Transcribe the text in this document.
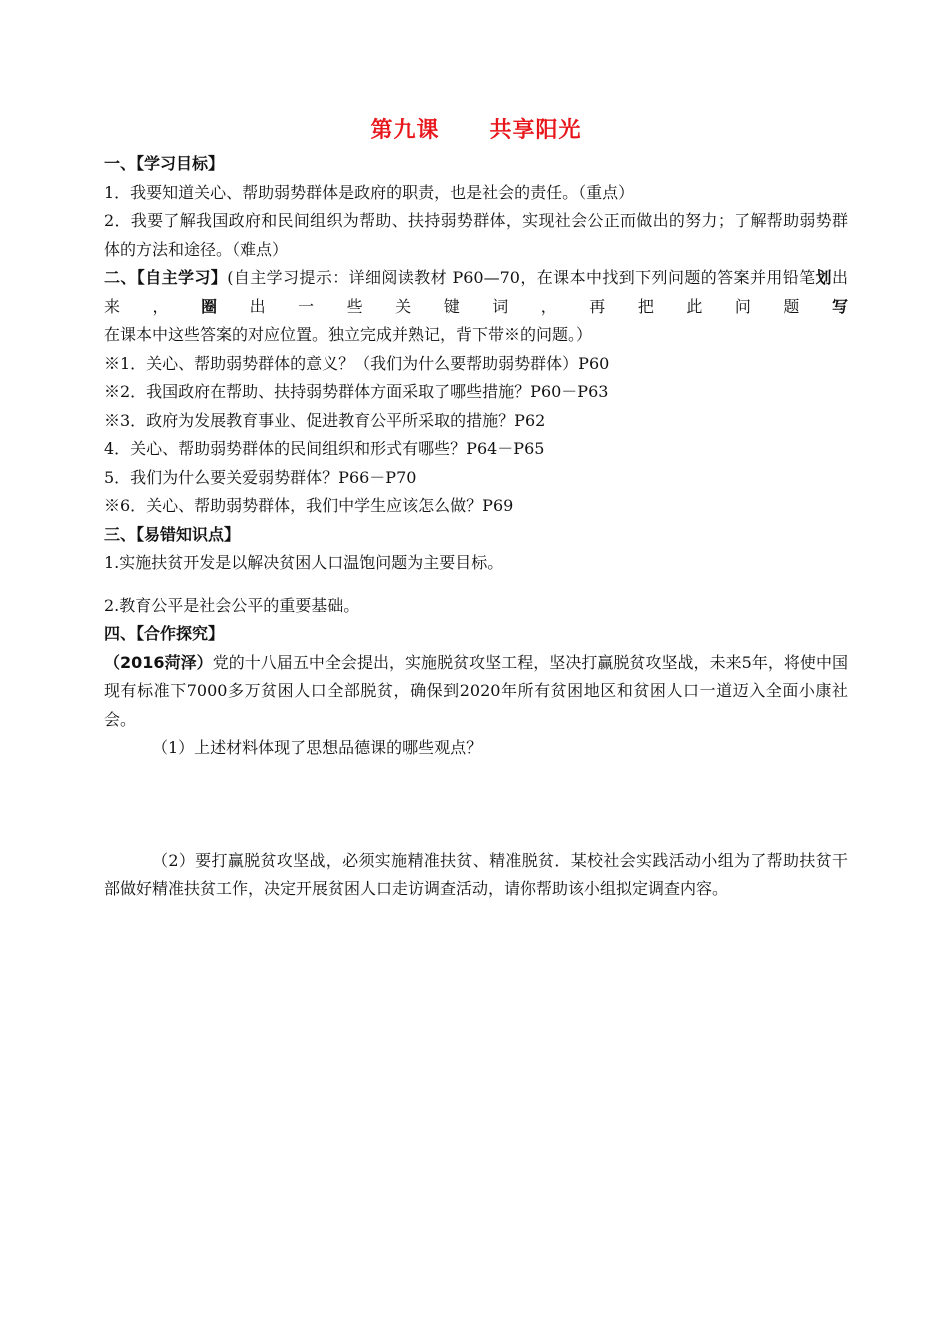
第九课 共享阳光
一、【学习目标】
1．我要知道关心、帮助弱势群体是政府的职责，也是社会的责任。（重点）
2．我要了解我国政府和民间组织为帮助、扶持弱势群体，实现社会公正而做出的努力；了解帮助弱势群体的方法和途径。（难点）
二、【自主学习】(自主学习提示：详细阅读教材 P60—70，在课本中找到下列问题的答案并用铅笔划出来，圈出一些关键词，再把此问题写在课本中这些答案的对应位置。独立完成并熟记，背下带※的问题。）
※1．关心、帮助弱势群体的意义？（我们为什么要帮助弱势群体）P60
※2．我国政府在帮助、扶持弱势群体方面采取了哪些措施？P60－P63
※3．政府为发展教育事业、促进教育公平所采取的措施？P62
4．关心、帮助弱势群体的民间组织和形式有哪些？P64－P65
5．我们为什么要关爱弱势群体？P66－P70
※6．关心、帮助弱势群体，我们中学生应该怎么做？P69
三、【易错知识点】
1.实施扶贫开发是以解决贫困人口温饱问题为主要目标。
2.教育公平是社会公平的重要基础。
四、【合作探究】
（2016菏泽）党的十八届五中全会提出，实施脱贫攻坚工程，坚决打赢脱贫攻坚战，未来5年，将使中国现有标准下7000多万贫困人口全部脱贫，确保到2020年所有贫困地区和贫困人口一道迈入全面小康社会。
（1）上述材料体现了思想品德课的哪些观点？
（2）要打赢脱贫攻坚战，必须实施精准扶贫、精准脱贫．某校社会实践活动小组为了帮助扶贫干部做好精准扶贫工作，决定开展贫困人口走访调查活动，请你帮助该小组拟定调查内容。
